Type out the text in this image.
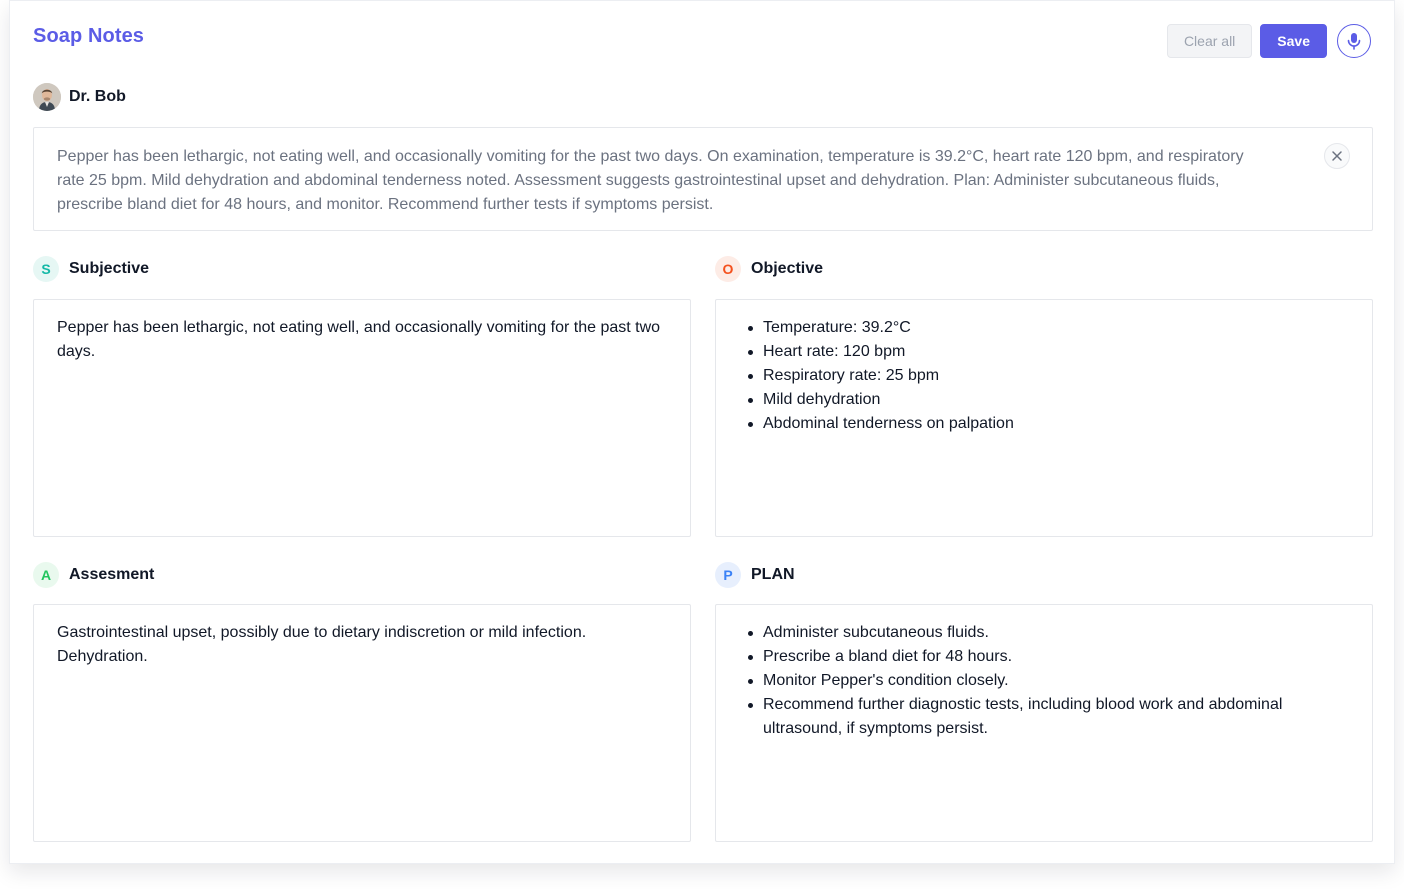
Soap Notes	Clear all	Save
Dr. Bob

Pepper has been lethargic, not eating well, and occasionally vomiting for the past two days. On examination, temperature is 39.2°C, heart rate 120 bpm, and respiratory rate 25 bpm. Mild dehydration and abdominal tenderness noted. Assessment suggests gastrointestinal upset and dehydration. Plan: Administer subcutaneous fluids, prescribe bland diet for 48 hours, and monitor. Recommend further tests if symptoms persist.

S	Subjective

Pepper has been lethargic, not eating well, and occasionally vomiting for the past two days.

O	Objective
Temperature: 39.2°C
Heart rate: 120 bpm
Respiratory rate: 25 bpm
Mild dehydration
Abdominal tenderness on palpation
A	Assesment

Gastrointestinal upset, possibly due to dietary indiscretion or mild infection. Dehydration.

P	PLAN
Administer subcutaneous fluids.
Prescribe a bland diet for 48 hours.
Monitor Pepper's condition closely.
Recommend further diagnostic tests, including blood work and abdominal ultrasound, if symptoms persist.
